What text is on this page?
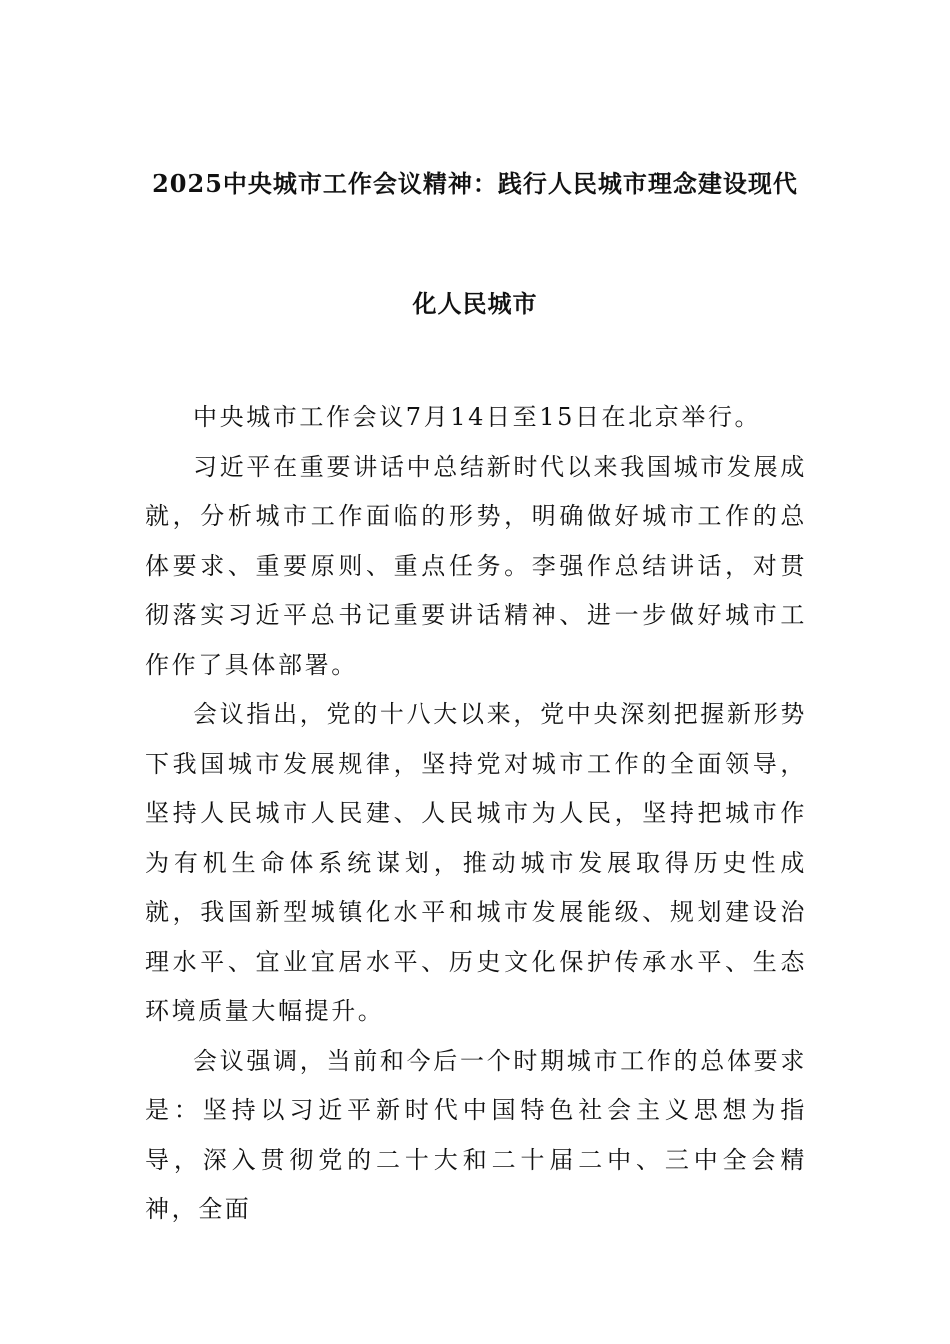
2025中央城市工作会议精神：践行人民城市理念建设现代
化人民城市

中央城市工作会议7月14日至15日在北京举行。

习近平在重要讲话中总结新时代以来我国城市发展成就，分析城市工作面临的形势，明确做好城市工作的总体要求、重要原则、重点任务。李强作总结讲话，对贯彻落实习近平总书记重要讲话精神、进一步做好城市工作作了具体部署。

会议指出，党的十八大以来，党中央深刻把握新形势下我国城市发展规律，坚持党对城市工作的全面领导，坚持人民城市人民建、人民城市为人民，坚持把城市作为有机生命体系统谋划，推动城市发展取得历史性成就，我国新型城镇化水平和城市发展能级、规划建设治理水平、宜业宜居水平、历史文化保护传承水平、生态环境质量大幅提升。

会议强调，当前和今后一个时期城市工作的总体要求是：坚持以习近平新时代中国特色社会主义思想为指导，深入贯彻党的二十大和二十届二中、三中全会精神，全面
